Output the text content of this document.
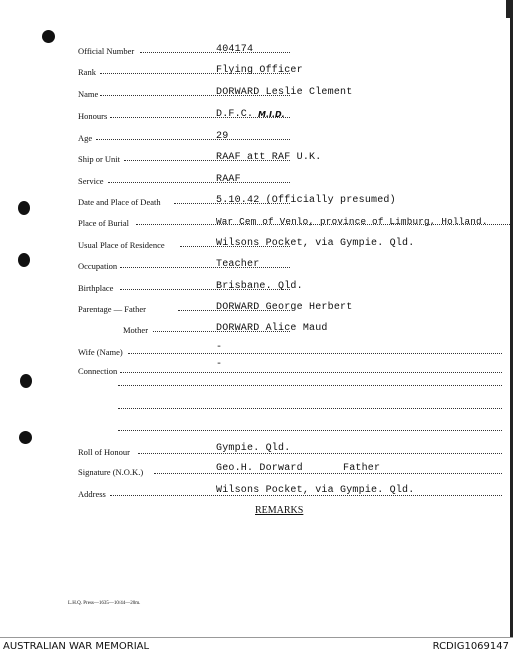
Official Number	404174
Rank	Flying Officer
Name	DORWARD Leslie Clement
Honours	D.F.C. M.I.D.
Age	29
Ship or Unit	RAAF att RAF U.K.
Service	RAAF
Date and Place of Death	5.10.42 (Officially presumed)
Place of Burial	War Cem of Venlo, province of Limburg, Holland.
Usual Place of Residence	Wilsons Pocket, via Gympie. Qld.
Occupation	Teacher
Birthplace	Brisbane. Qld.
Parentage — Father	DORWARD George Herbert
Mother	DORWARD Alice Maud
Wife (Name)	-
Connection
-
Roll of Honour	Gympie. Qld.
Signature (N.O.K.)	Geo.H. Dorward	Father
Address	Wilsons Pocket, via Gympie. Qld.
REMARKS
L.H.Q. Press—1635—10/44—20m.
AUSTRALIAN WAR MEMORIAL	RCDIG1069147
